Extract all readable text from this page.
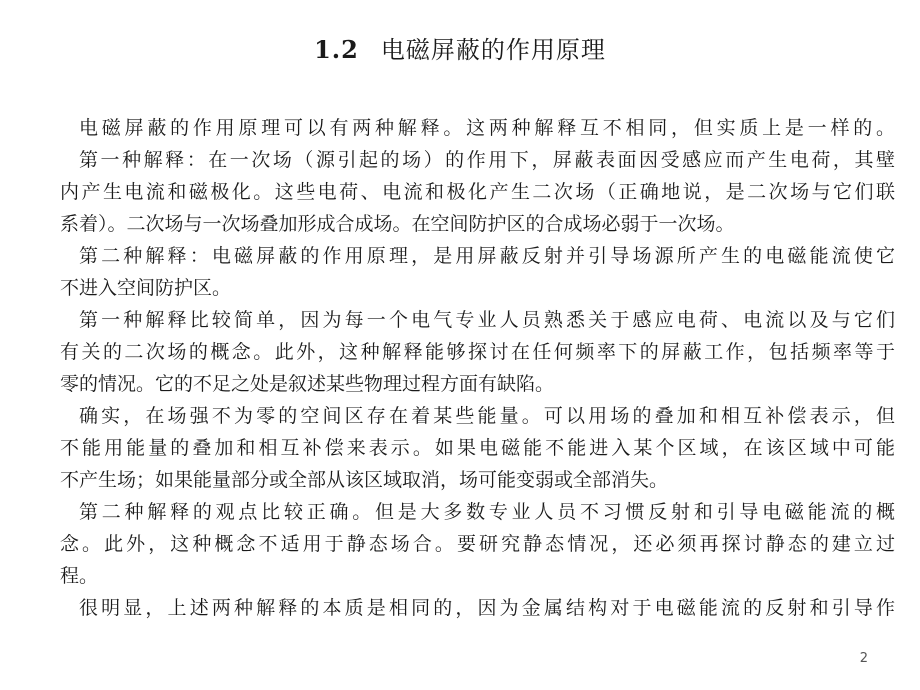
1.2 电磁屏蔽的作用原理
电磁屏蔽的作用原理可以有两种解释。这两种解释互不相同，但实质上是一样的。
第一种解释：在一次场（源引起的场）的作用下，屏蔽表面因受感应而产生电荷，其壁
内产生电流和磁极化。这些电荷、电流和极化产生二次场（正确地说，是二次场与它们联
系着）。二次场与一次场叠加形成合成场。在空间防护区的合成场必弱于一次场。
第二种解释：电磁屏蔽的作用原理，是用屏蔽反射并引导场源所产生的电磁能流使它
不进入空间防护区。
第一种解释比较简单，因为每一个电气专业人员熟悉关于感应电荷、电流以及与它们
有关的二次场的概念。此外，这种解释能够探讨在任何频率下的屏蔽工作，包括频率等于
零的情况。它的不足之处是叙述某些物理过程方面有缺陷。
确实，在场强不为零的空间区存在着某些能量。可以用场的叠加和相互补偿表示，但
不能用能量的叠加和相互补偿来表示。如果电磁能不能进入某个区域，在该区域中可能
不产生场；如果能量部分或全部从该区域取消，场可能变弱或全部消失。
第二种解释的观点比较正确。但是大多数专业人员不习惯反射和引导电磁能流的概
念。此外，这种概念不适用于静态场合。要研究静态情况，还必须再探讨静态的建立过
程。
很明显，上述两种解释的本质是相同的，因为金属结构对于电磁能流的反射和引导作
2
